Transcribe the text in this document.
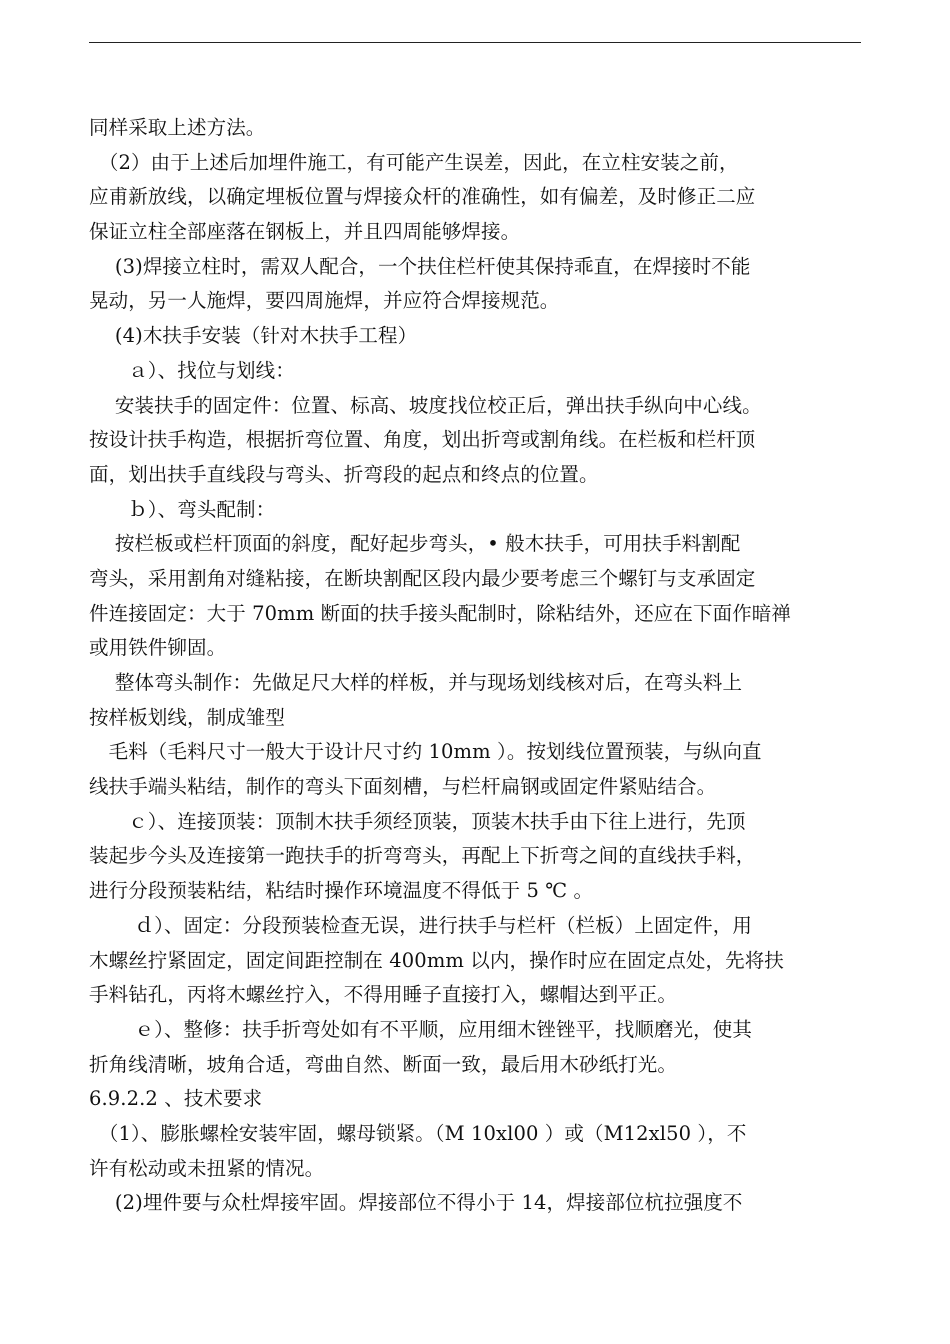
同样采取上述方法。
　（2）由于上述后加埋件施工，有可能产生误差，因此，在立柱安装之前，
应甫新放线，以确定埋板位置与焊接众杆的准确性，如有偏差，及时修正二应
保证立柱全部座落在钢板上，并且四周能够焊接。
　 (3)焊接立柱时，需双人配合，一个扶住栏杆使其保持乖直，在焊接时不能
晃动，另一人施焊，要四周施焊，并应符合焊接规范。
　 (4)木扶手安装（针对木扶手工程）
　　ａ）、找位与划线：
　 安装扶手的固定件：位置、标高、坡度找位校正后，弹出扶手纵向中心线。
按设计扶手构造，根据折弯位置、角度，划出折弯或割角线。在栏板和栏杆顶
面，划出扶手直线段与弯头、折弯段的起点和终点的位置。
　　ｂ）、弯头配制：
　 按栏板或栏杆顶面的斜度，配好起步弯头，• 般木扶手，可用扶手料割配
弯头，采用割角对缝粘接，在断块割配区段内最少要考虑三个螺钉与支承固定
件连接固定：大于 70mm 断面的扶手接头配制时，除粘结外，还应在下面作暗禅
或用铁件铆固。
　 整体弯头制作：先做足尺大样的样板，并与现场划线核对后，在弯头料上
按样板划线，制成雏型
　毛料（毛料尺寸一般大于设计尺寸约 10mm ）。按划线位置预装，与纵向直
线扶手端头粘结，制作的弯头下面刻槽，与栏杆扁钢或固定件紧贴结合。
　　ｃ）、连接顶装：顶制木扶手须经顶装，顶装木扶手由下往上进行，先顶
装起步今头及连接第一跑扶手的折弯弯头，再配上下折弯之间的直线扶手料，
进行分段预装粘结，粘结时操作环境温度不得低于 5 ℃ 。
　　 ｄ）、固定：分段预装检查无误，进行扶手与栏杆（栏板）上固定件，用
木螺丝拧紧固定，固定间距控制在 400mm 以内，操作时应在固定点处，先将扶
手料钻孔，丙将木螺丝拧入，不得用睡子直接打入，螺帽达到平正。
　　 ｅ）、整修：扶手折弯处如有不平顺，应用细木锉锉平，找顺磨光，使其
折角线清晰，坡角合适，弯曲自然、断面一致，最后用木砂纸打光。
6.9.2.2 、技术要求
　（1）、膨胀螺栓安装牢固，螺母锁紧。（M 10xl00 ）或（M12xl50 ），不
许有松动或未扭紧的情况。
　 (2)埋件要与众杜焊接牢固。焊接部位不得小于 14，焊接部位杭拉强度不
